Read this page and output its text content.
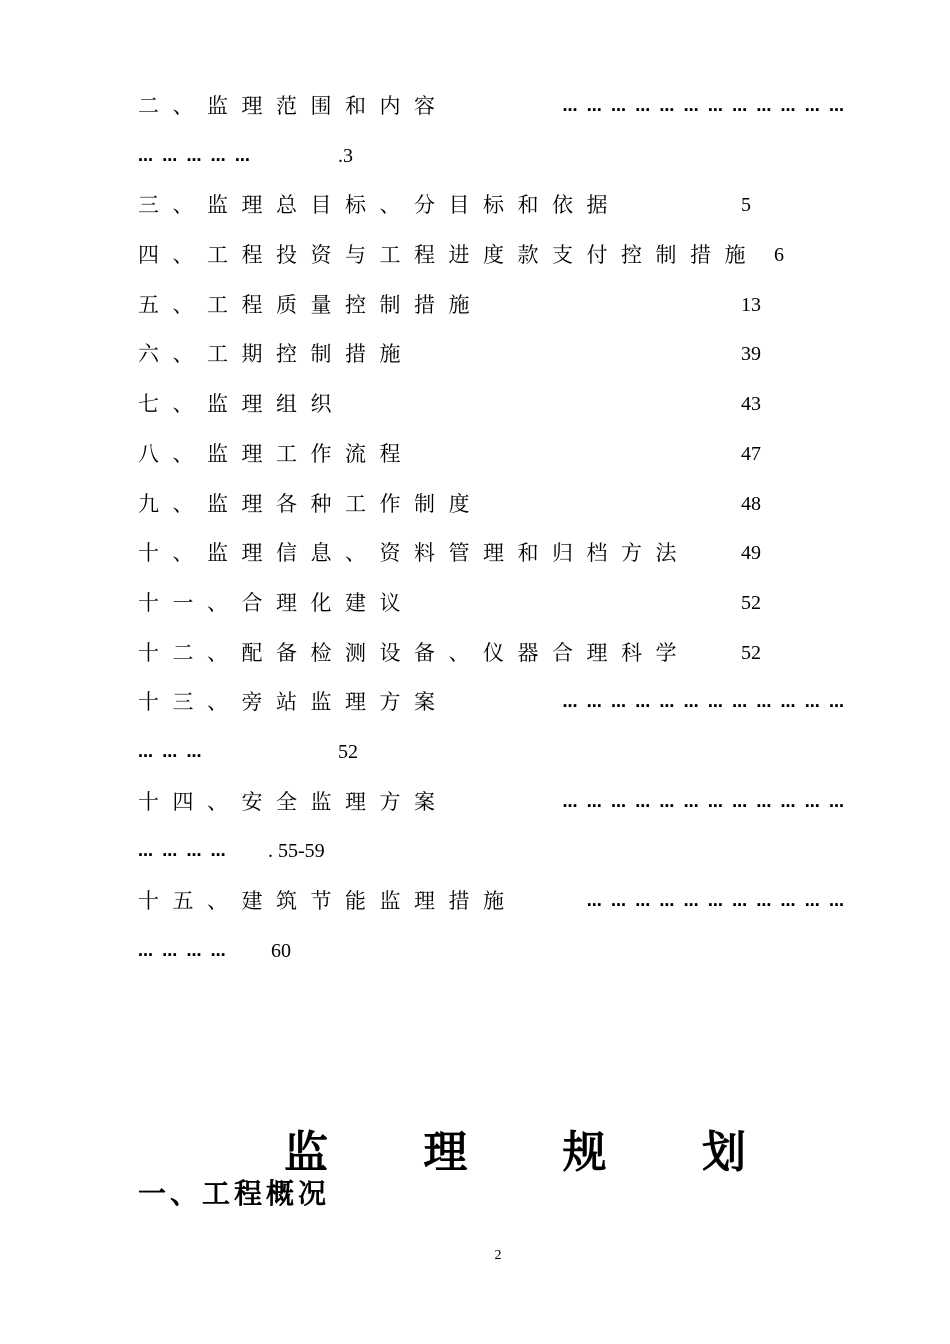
二、监理范围和内容	… … … … … … … … … … … …
… … … … …	.3
三、监理总目标、分目标和依据	5
四、工程投资与工程进度款支付控制措施 6
五、工程质量控制措施	13
六、工期控制措施	39
七、监理组织	43
八、监理工作流程	47
九、监理各种工作制度	48
十、监理信息、资料管理和归档方法	49
十一、合理化建议	52
十二、配备检测设备、仪器合理科学	52
十三、旁站监理方案	… … … … … … … … … … … …
… … …	52
十四、安全监理方案	… … … … … … … … … … … …
… … … … . 55-59
十五、建筑节能监理措施	… … … … … … … … … … …
… … … … 60
监 理 规 划
一、工程概况
2
